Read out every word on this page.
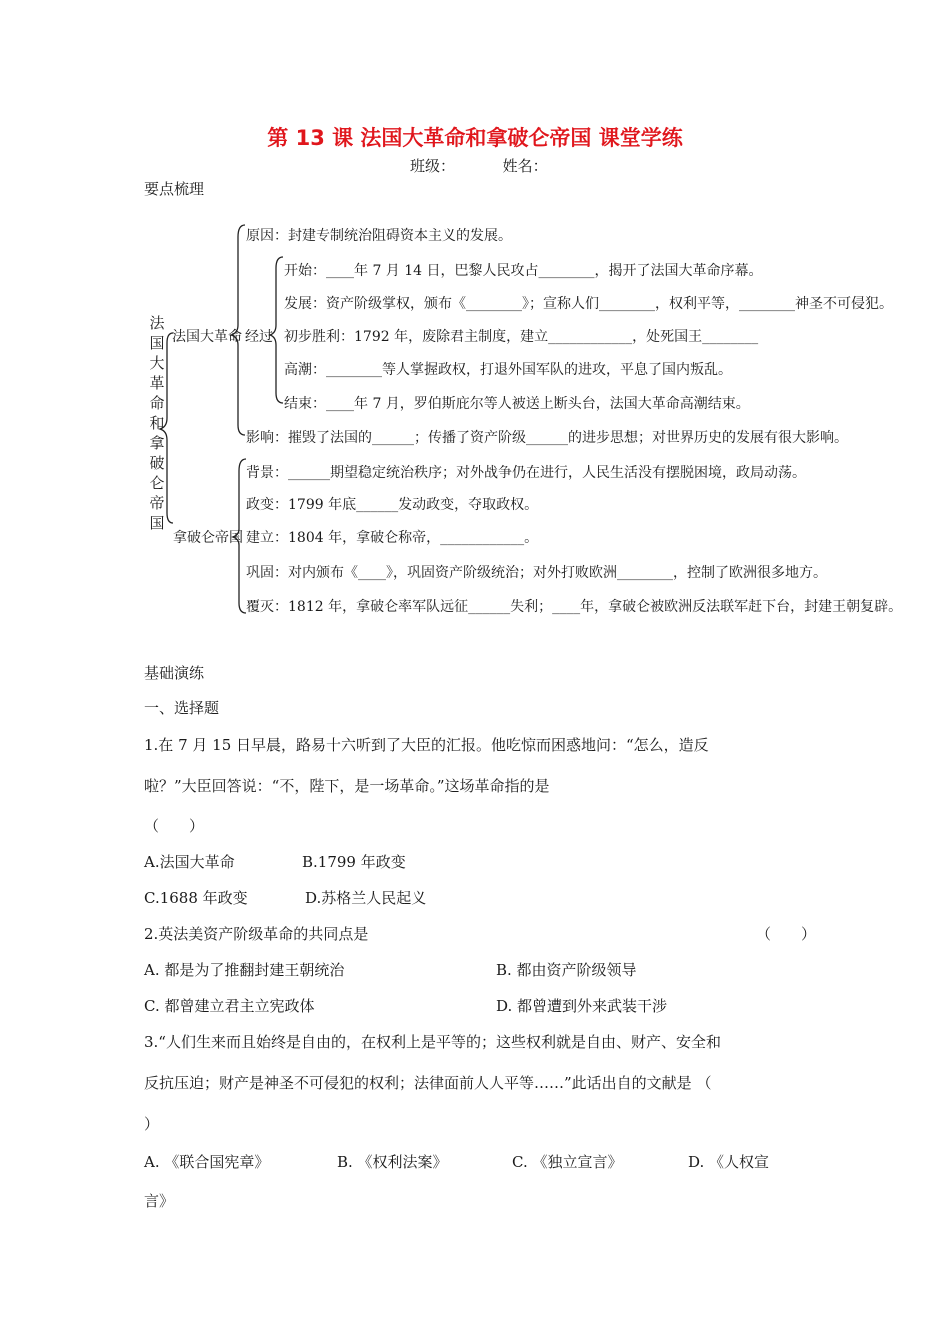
第 13 课 法国大革命和拿破仑帝国 课堂学练
班级：	姓名：
要点梳理
法国大革命和拿破仑帝国
法国大革命 经过
拿破仑帝国
原因：封建专制统治阻碍资本主义的发展。
开始：____年 7 月 14 日，巴黎人民攻占________，揭开了法国大革命序幕。
发展：资产阶级掌权，颁布《________》；宣称人们________，权利平等，________神圣不可侵犯。
初步胜利：1792 年，废除君主制度，建立____________，处死国王________
高潮：________等人掌握政权，打退外国军队的进攻，平息了国内叛乱。
结束：____年 7 月，罗伯斯庇尔等人被送上断头台，法国大革命高潮结束。
影响：摧毁了法国的______；传播了资产阶级______的进步思想；对世界历史的发展有很大影响。
背景：______期望稳定统治秩序；对外战争仍在进行，人民生活没有摆脱困境，政局动荡。
政变：1799 年底______发动政变，夺取政权。
建立：1804 年，拿破仑称帝，____________。
巩固：对内颁布《____》，巩固资产阶级统治；对外打败欧洲________，控制了欧洲很多地方。
覆灭：1812 年，拿破仑率军队远征______失利；____年，拿破仑被欧洲反法联军赶下台，封建王朝复辟。
基础演练
一、选择题
1.在 7 月 15 日早晨，路易十六听到了大臣的汇报。他吃惊而困惑地问：“怎么，造反
啦？”大臣回答说：“不，陛下，是一场革命。”这场革命指的是
（　　）
A.法国大革命	B.1799 年政变
C.1688 年政变	D.苏格兰人民起义
2.英法美资产阶级革命的共同点是	（　　）
A. 都是为了推翻封建王朝统治	B. 都由资产阶级领导
C. 都曾建立君主立宪政体	D. 都曾遭到外来武装干涉
3.“人们生来而且始终是自由的，在权利上是平等的；这些权利就是自由、财产、安全和
反抗压迫；财产是神圣不可侵犯的权利；法律面前人人平等……”此话出自的文献是 （
）
A. 《联合国宪章》	B. 《权利法案》	C. 《独立宣言》	D. 《人权宣
言》
